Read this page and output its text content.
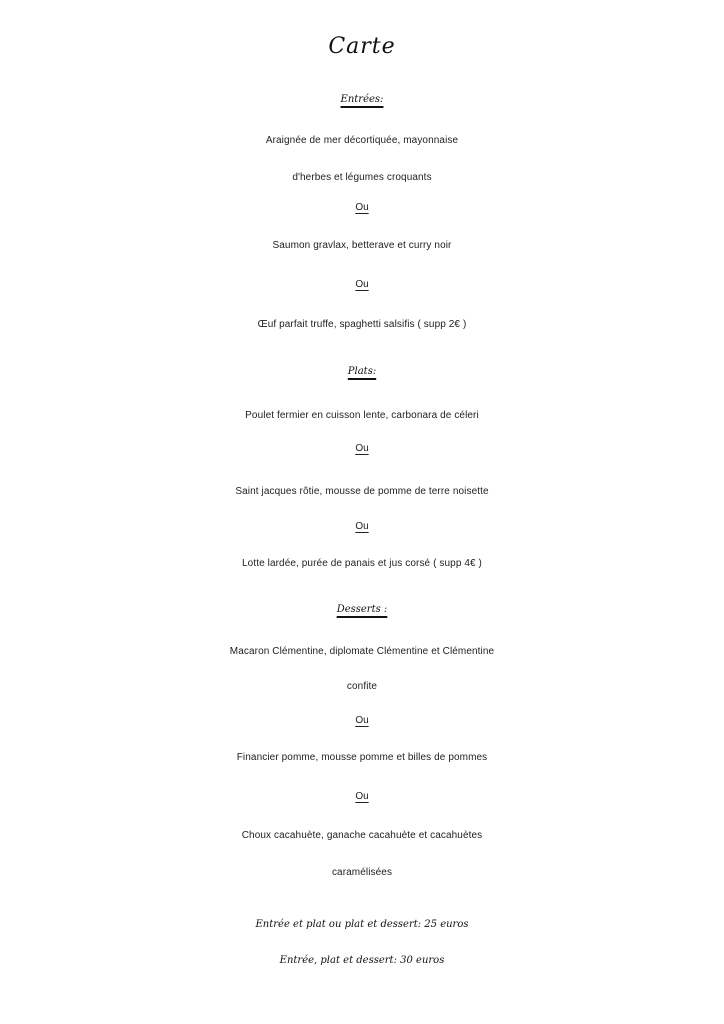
Carte
Entrées:
Araignée de mer décortiquée, mayonnaise
d'herbes et légumes croquants
Ou
Saumon gravlax, betterave et curry noir
Ou
Œuf parfait truffe, spaghetti salsifis ( supp 2€ )
Plats:
Poulet fermier en cuisson lente, carbonara de céleri
Ou
Saint jacques rôtie, mousse de pomme de terre noisette
Ou
Lotte lardée, purée de panais et jus corsé ( supp 4€ )
Desserts :
Macaron Clémentine, diplomate Clémentine et Clémentine
confite
Ou
Financier pomme, mousse pomme et billes de pommes
Ou
Choux cacahuète, ganache cacahuète et cacahuètes
caramélisées
Entrée et plat ou plat et dessert: 25 euros
Entrée, plat et dessert: 30 euros
